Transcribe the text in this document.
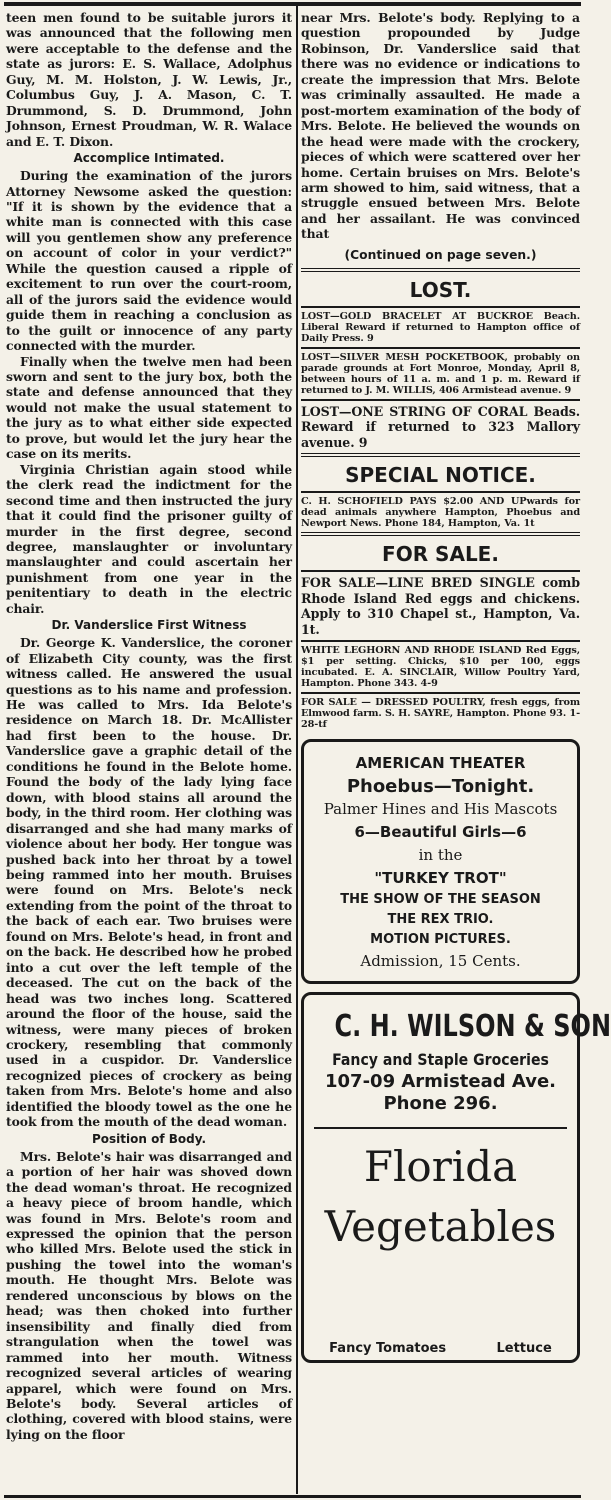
teen men found to be suitable jurors it was announced that the following men were acceptable to the defense and the state as jurors: E. S. Wallace, Adolphus Guy, M. M. Holston, J. W. Lewis, Jr., Columbus Guy, J. A. Mason, C. T. Drummond, S. D. Drummond, John Johnson, Ernest Proudman, W. R. Walace and E. T. Dixon.

Accomplice Intimated.

During the examination of the jurors Attorney Newsome asked the question: "If it is shown by the evidence that a white man is connected with this case will you gentlemen show any preference on account of color in your verdict?" While the question caused a ripple of excitement to run over the court-room, all of the jurors said the evidence would guide them in reaching a conclusion as to the guilt or innocence of any party connected with the murder.

Finally when the twelve men had been sworn and sent to the jury box, both the state and defense announced that they would not make the usual statement to the jury as to what either side expected to prove, but would let the jury hear the case on its merits.

Virginia Christian again stood while the clerk read the indictment for the second time and then instructed the jury that it could find the prisoner guilty of murder in the first degree, second degree, manslaughter or involuntary manslaughter and could ascertain her punishment from one year in the penitentiary to death in the electric chair.

Dr. Vanderslice First Witness

Dr. George K. Vanderslice, the coroner of Elizabeth City county, was the first witness called. He answered the usual questions as to his name and profession. He was called to Mrs. Ida Belote's residence on March 18. Dr. McAllister had first been to the house. Dr. Vanderslice gave a graphic detail of the conditions he found in the Belote home. Found the body of the lady lying face down, with blood stains all around the body, in the third room. Her clothing was disarranged and she had many marks of violence about her body. Her tongue was pushed back into her throat by a towel being rammed into her mouth. Bruises were found on Mrs. Belote's neck extending from the point of the throat to the back of each ear. Two bruises were found on Mrs. Belote's head, in front and on the back. He described how he probed into a cut over the left temple of the deceased. The cut on the back of the head was two inches long. Scattered around the floor of the house, said the witness, were many pieces of broken crockery, resembling that commonly used in a cuspidor. Dr. Vanderslice recognized pieces of crockery as being taken from Mrs. Belote's home and also identified the bloody towel as the one he took from the mouth of the dead woman.

Position of Body.

Mrs. Belote's hair was disarranged and a portion of her hair was shoved down the dead woman's throat. He recognized a heavy piece of broom handle, which was found in Mrs. Belote's room and expressed the opinion that the person who killed Mrs. Belote used the stick in pushing the towel into the woman's mouth. He thought Mrs. Belote was rendered unconscious by blows on the head; was then choked into further insensibility and finally died from strangulation when the towel was rammed into her mouth. Witness recognized several articles of wearing apparel, which were found on Mrs. Belote's body. Several articles of clothing, covered with blood stains, were lying on the floor

near Mrs. Belote's body. Replying to a question propounded by Judge Robinson, Dr. Vanderslice said that there was no evidence or indications to create the impression that Mrs. Belote was criminally assaulted. He made a post-mortem examination of the body of Mrs. Belote. He believed the wounds on the head were made with the crockery, pieces of which were scattered over her home. Certain bruises on Mrs. Belote's arm showed to him, said witness, that a struggle ensued between Mrs. Belote and her assailant. He was convinced that

(Continued on page seven.)
LOST.

LOST—GOLD BRACELET AT BUCKROE Beach. Liberal Reward if returned to Hampton office of Daily Press. 9

LOST—SILVER MESH POCKETBOOK, probably on parade grounds at Fort Monroe, Monday, April 8, between hours of 11 a. m. and 1 p. m. Reward if returned to J. M. WILLIS, 406 Armistead avenue. 9

LOST—ONE STRING OF CORAL Beads. Reward if returned to 323 Mallory avenue. 9

SPECIAL NOTICE.

C. H. SCHOFIELD PAYS $2.00 AND UPwards for dead animals anywhere Hampton, Phoebus and Newport News. Phone 184, Hampton, Va. 1t

FOR SALE.

FOR SALE—LINE BRED SINGLE comb Rhode Island Red eggs and chickens. Apply to 310 Chapel st., Hampton, Va. 1t.

WHITE LEGHORN AND RHODE ISLAND Red Eggs, $1 per setting. Chicks, $10 per 100, eggs incubated. E. A. SINCLAIR, Willow Poultry Yard, Hampton. Phone 343. 4-9

FOR SALE — DRESSED POULTRY, fresh eggs, from Elmwood farm. S. H. SAYRE, Hampton. Phone 93. 1-28-tf

AMERICAN THEATER
Phoebus—Tonight.
Palmer Hines and His Mascots
6—Beautiful Girls—6
in the
"TURKEY TROT"
THE SHOW OF THE SEASON
THE REX TRIO.
MOTION PICTURES.
Admission, 15 Cents.
C. H. WILSON & SON
Fancy and Staple Groceries
107-09 Armistead Ave.
Phone 296.
Florida
Vegetables
Fancy Tomatoes	Lettuce
